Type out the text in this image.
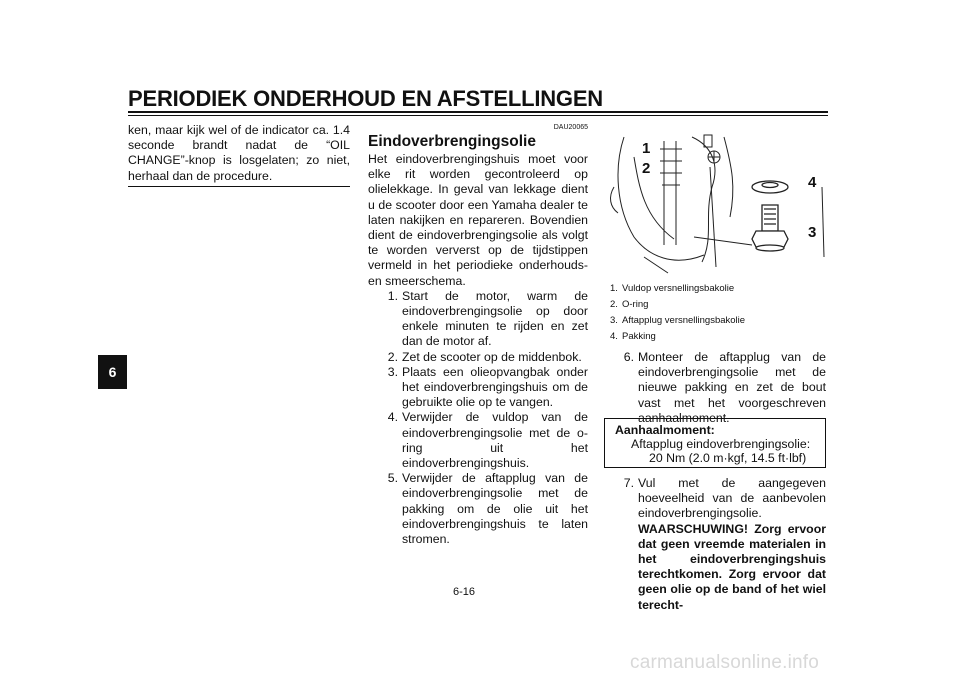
PERIODIEK ONDERHOUD EN AFSTELLINGEN
6

ken, maar kijk wel of de indicator ca. 1.4 seconde brandt nadat de “OIL CHANGE”-knop is losgelaten; zo niet, herhaal dan de procedure.

DAU20065
Eindoverbrengingsolie

Het eindoverbrengingshuis moet voor elke rit worden gecontroleerd op olielekkage. In geval van lekkage dient u de scooter door een Yamaha dealer te laten nakijken en repareren. Bovendien dient de eindoverbrengingsolie als volgt te worden ververst op de tijdstippen vermeld in het periodieke onderhouds- en smeerschema.

1. Start de motor, warm de eindoverbrengingsolie op door enkele minuten te rijden en zet dan de motor af.
2. Zet de scooter op de middenbok.
3. Plaats een olieopvangbak onder het eindoverbrengingshuis om de gebruikte olie op te vangen.
4. Verwijder de vuldop van de eindoverbrengingsolie met de o-ring uit het eindoverbrengingshuis.
5. Verwijder de aftapplug van de eindoverbrengingsolie met de pakking om de olie uit het eindoverbrengingshuis te laten stromen.
1
2
3
4
1. Vuldop versnellingsbakolie
2. O-ring
3. Aftapplug versnellingsbakolie
4. Pakking
6. Monteer de aftapplug van de eindoverbrengingsolie met de nieuwe pakking en zet de bout vast met het voorgeschreven aanhaalmoment.
Aanhaalmoment:
Aftapplug eindoverbrengingsolie:
20 Nm (2.0 m·kgf, 14.5 ft·lbf)
7. Vul met de aangegeven hoeveelheid van de aanbevolen eindoverbrengingsolie. WAARSCHUWING! Zorg ervoor dat geen vreemde materialen in het eindoverbrengingshuis terechtkomen. Zorg ervoor dat geen olie op de band of het wiel terecht-
6-16
carmanualsonline.info
